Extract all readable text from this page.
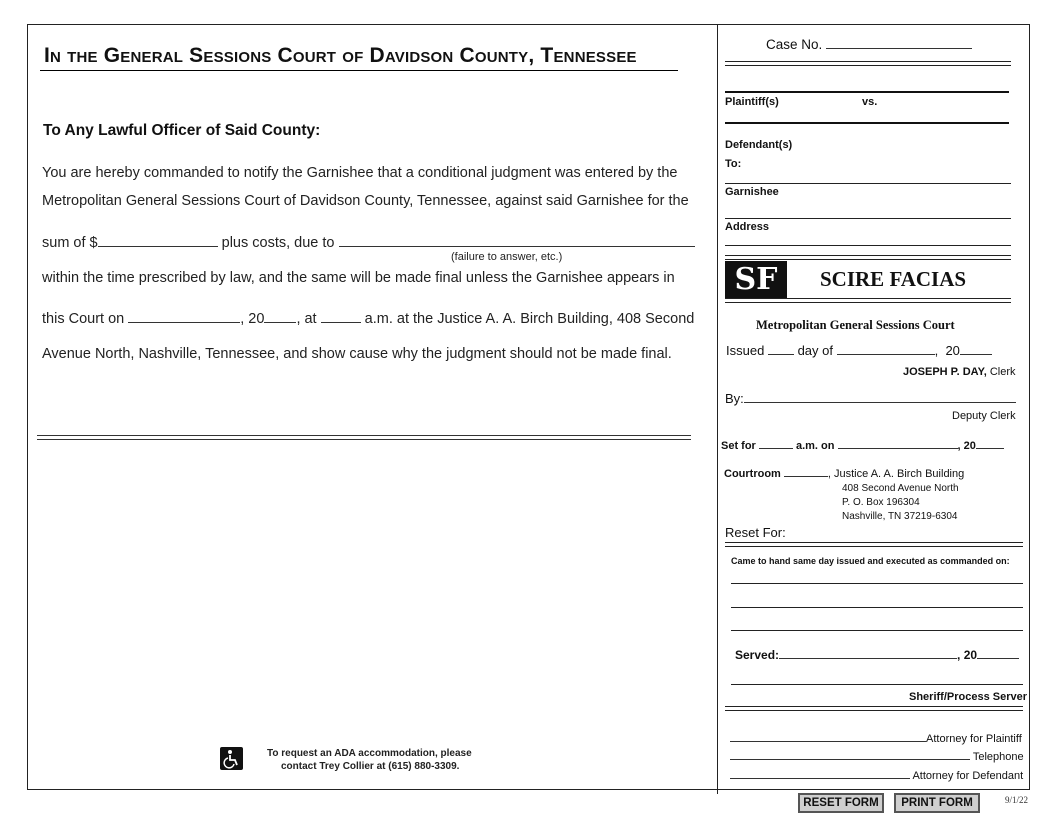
In the General Sessions Court of Davidson County, Tennessee
To Any Lawful Officer of Said County:
You are hereby commanded to notify the Garnishee that a conditional judgment was entered by the
Metropolitan General Sessions Court of Davidson County, Tennessee, against said Garnishee for the
sum of $	plus costs, due to
(failure to answer, etc.)
within the time prescribed by law, and the same will be made final unless the Garnishee appears in
this Court on	, 20 , at	a.m. at the Justice A. A. Birch Building, 408 Second
Avenue North, Nashville, Tennessee, and show cause why the judgment should not be made final.
To request an ADA accommodation, please
contact Trey Collier at (615) 880-3309.
Case No.
Plaintiff(s)	vs.
Defendant(s)
To:
Garnishee
Address
SF	SCIRE FACIAS
Metropolitan General Sessions Court
Issued	day of	,  20
JOSEPH P. DAY, Clerk
By:
Deputy Clerk
Set for	a.m. on	, 20
Courtroom	, Justice A. A. Birch Building
408 Second Avenue North
P. O. Box 196304
Nashville, TN 37219-6304
Reset For:
Came to hand same day issued and executed as commanded on:
Served:	, 20
Sheriff/Process Server
Attorney for Plaintiff
Telephone
Attorney for Defendant
RESET FORM	PRINT FORM	9/1/22
